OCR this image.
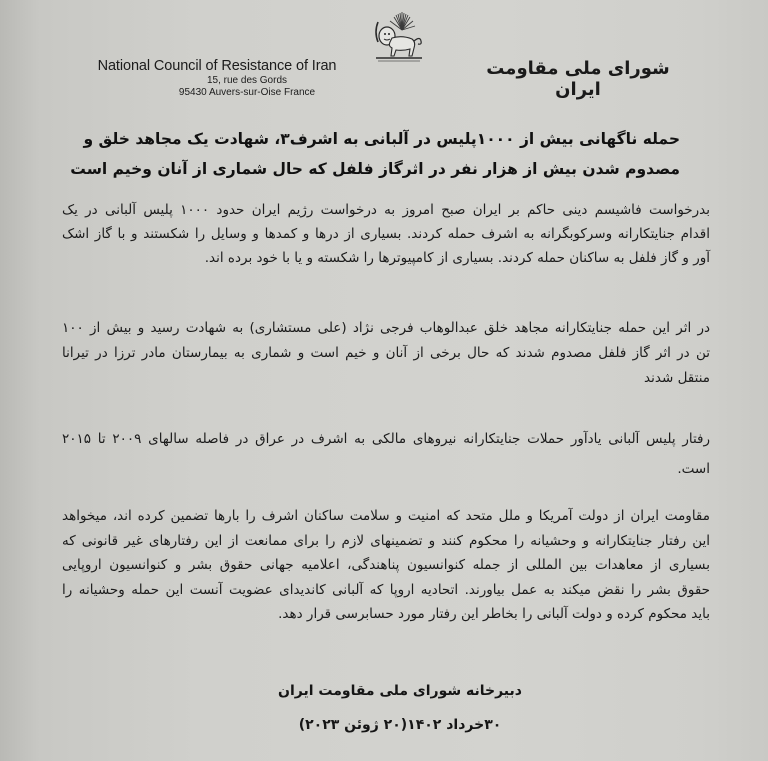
National Council of Resistance of Iran
15, rue des Gords
95430 Auvers-sur-Oise France
شورای ملی مقاومت ایران
حمله ناگهانی بیش از ۱۰۰۰پلیس در آلبانی به اشرف۳، شهادت یک مجاهد خلق و
مصدوم شدن بیش از هزار نفر در اثرگاز فلفل که حال شماری از آنان وخیم است
بدرخواست فاشیسم دینی حاکم بر ایران صبح امروز به درخواست رژیم ایران حدود ۱۰۰۰ پلیس آلبانی در یک
اقدام جنایتکارانه وسرکوبگرانه به اشرف حمله کردند. بسیاری از درها و کمدها و وسایل را شکستند و با گاز اشک
آور و گاز فلفل به ساکنان حمله کردند. بسیاری از کامپیوترها را شکسته و یا با خود برده اند.
در اثر این حمله جنایتکارانه مجاهد خلق عبدالوهاب فرجی نژاد (علی مستشاری) به شهادت رسید و بیش از ۱۰۰
تن در اثر گاز فلفل مصدوم شدند که حال برخی از آنان و خیم است و شماری به بیمارستان مادر ترزا در تیرانا
منتقل شدند
رفتار پلیس آلبانی یادآور حملات جنایتکارانه نیروهای مالکی به اشرف در عراق در فاصله سالهای ۲۰۰۹ تا ۲۰۱۵
است.
مقاومت ایران از دولت آمریکا و ملل متحد که امنیت و سلامت ساکنان اشرف را بارها تضمین کرده اند، میخواهد
این رفتار جنایتکارانه و وحشیانه را محکوم کنند و تضمینهای لازم را برای ممانعت از این رفتارهای غیر قانونی که
بسیاری از معاهدات بین المللی از جمله کنوانسیون پناهندگی، اعلامیه جهانی حقوق بشر و کنوانسیون اروپایی
حقوق بشر را نقض میکند به عمل بیاورند. اتحادیه اروپا که آلبانی کاندیدای عضویت آنست این حمله وحشیانه را
باید محکوم کرده و دولت آلبانی را بخاطر این رفتار مورد حسابرسی قرار دهد.
دبیرخانه شورای ملی مقاومت ایران
۳۰خرداد ۱۴۰۲(۲۰ ژوئن ۲۰۲۳)
